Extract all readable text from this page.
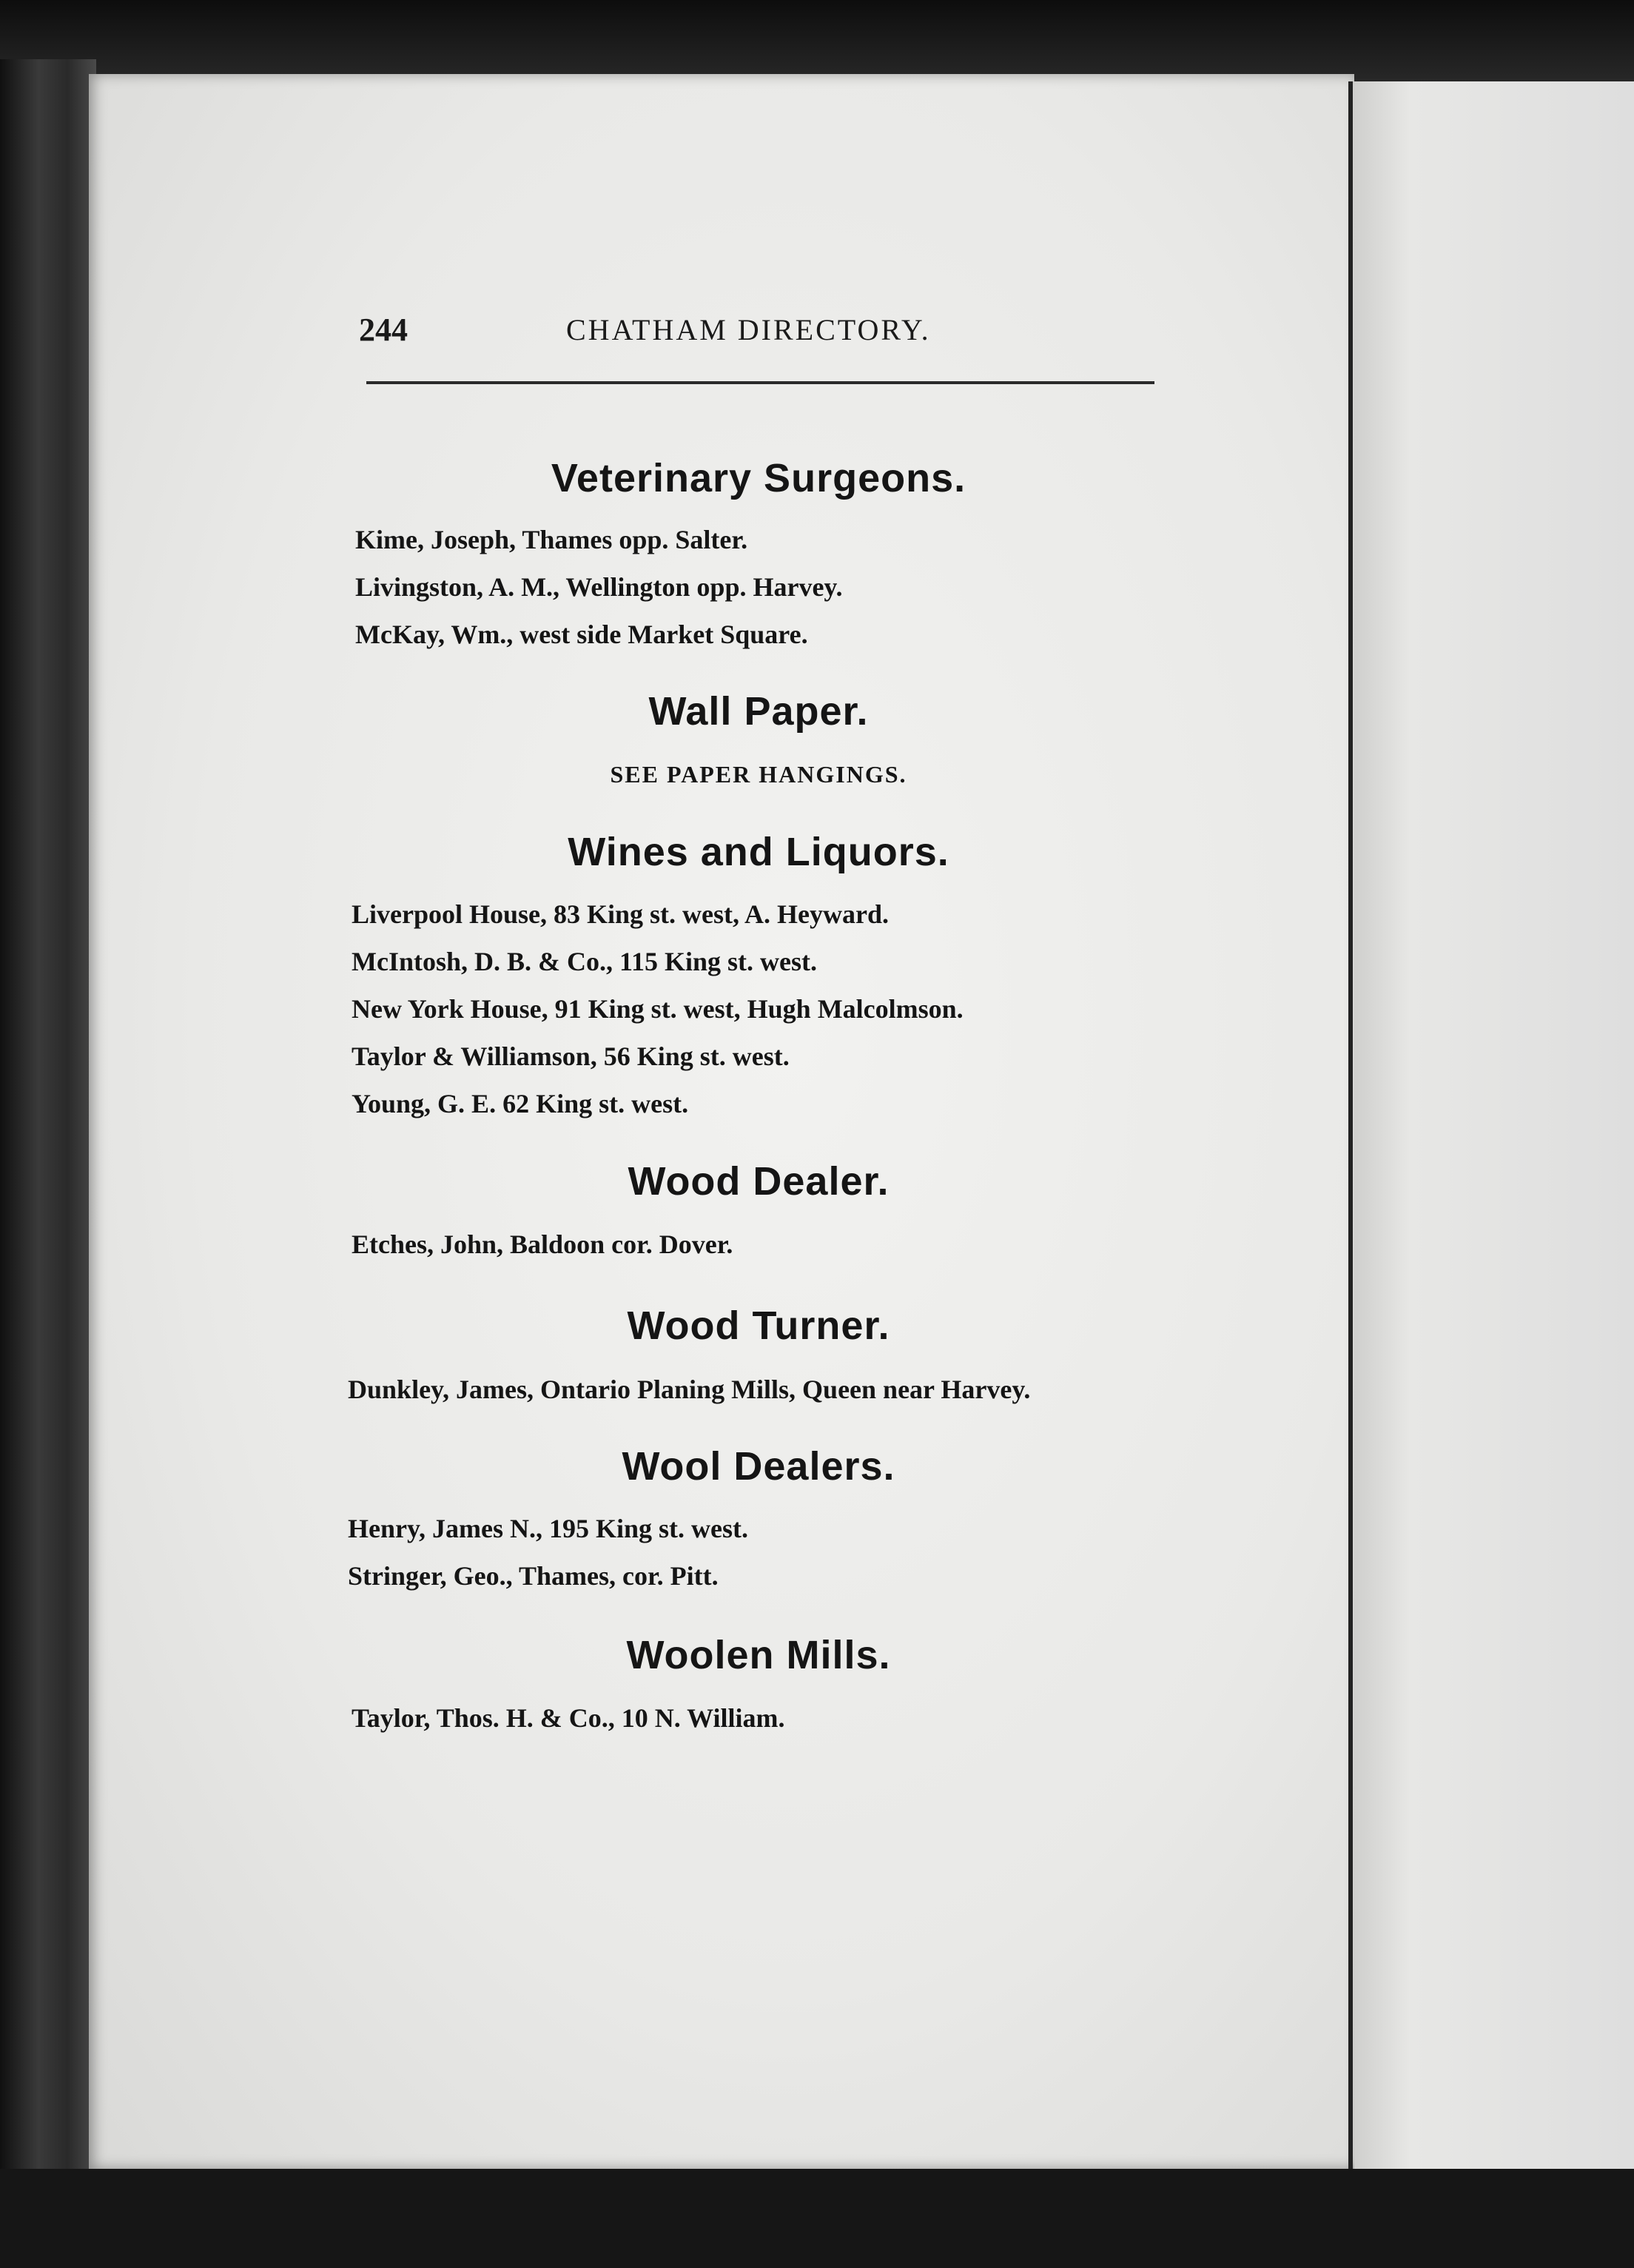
244	CHATHAM DIRECTORY.
Veterinary Surgeons.
Kime, Joseph, Thames opp. Salter.
Livingston, A. M., Wellington opp. Harvey.
McKay, Wm., west side Market Square.
Wall Paper.
SEE PAPER HANGINGS.
Wines and Liquors.
Liverpool House, 83 King st. west, A. Heyward.
McIntosh, D. B. & Co., 115 King st. west.
New York House, 91 King st. west, Hugh Malcolmson.
Taylor & Williamson, 56 King st. west.
Young, G. E. 62 King st. west.
Wood Dealer.
Etches, John, Baldoon cor. Dover.
Wood Turner.
Dunkley, James, Ontario Planing Mills, Queen near Harvey.
Wool Dealers.
Henry, James N., 195 King st. west.
Stringer, Geo., Thames, cor. Pitt.
Woolen Mills.
Taylor, Thos. H. & Co., 10 N. William.
